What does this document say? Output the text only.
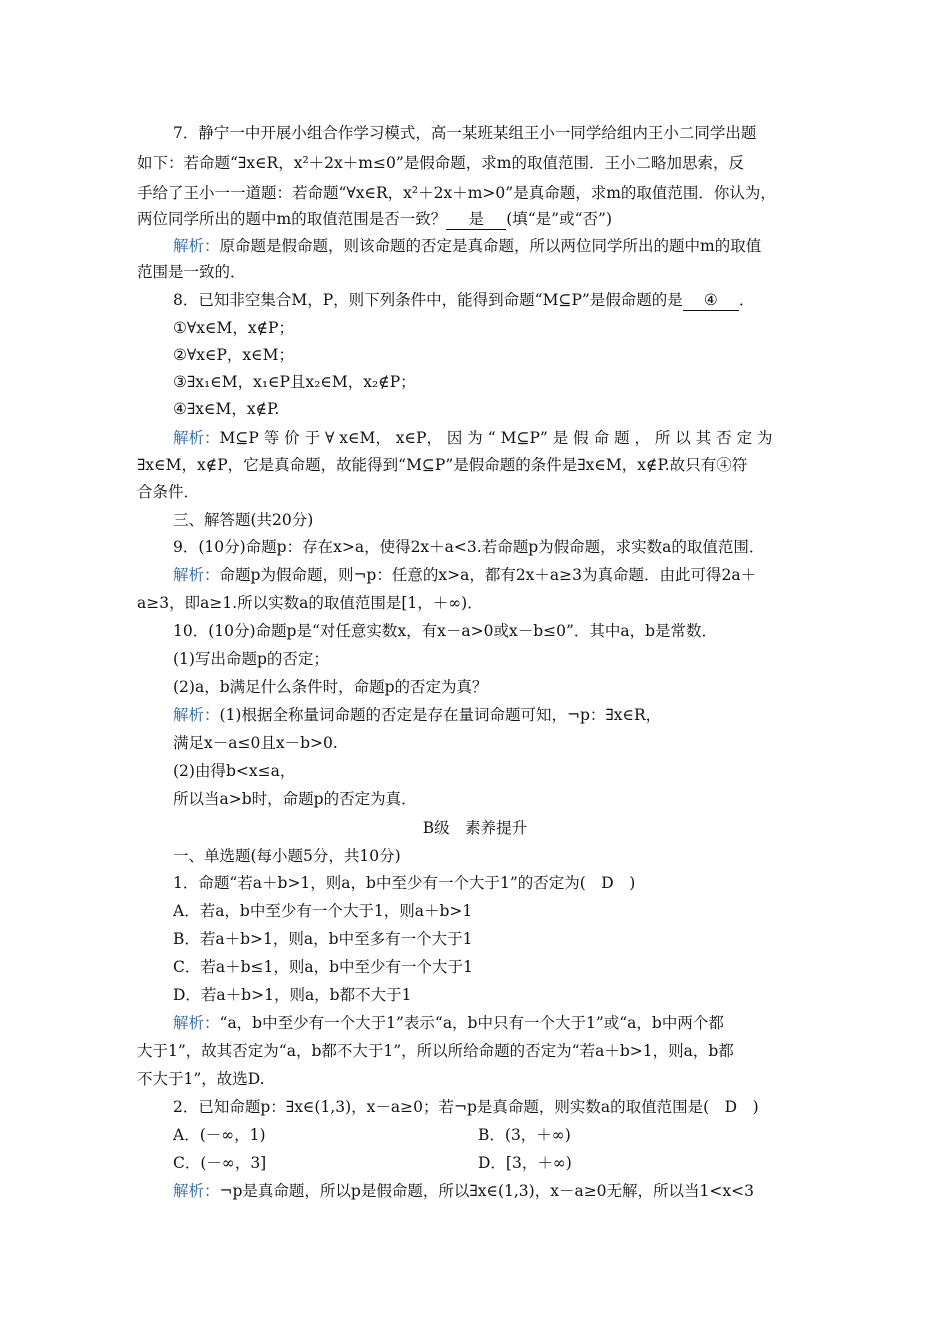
7．静宁一中开展小组合作学习模式，高一某班某组王小一同学给组内王小二同学出题
如下：若命题“∃x∈R，x²＋2x＋m≤0”是假命题，求m的取值范围．王小二略加思索，反
手给了王小一一道题：若命题“∀x∈R，x²＋2x＋m>0”是真命题，求m的取值范围．你认为，
两位同学所出的题中m的取值范围是否一致？ 是 (填“是”或“否”)
解析：原命题是假命题，则该命题的否定是真命题，所以两位同学所出的题中m的取值
范围是一致的．
8．已知非空集合M，P，则下列条件中，能得到命题“M⊆P”是假命题的是 ④ ．
①∀x∈M，x∉P；
②∀x∈P，x∈M；
③∃x₁∈M，x₁∈P且x₂∈M，x₂∉P；
④∃x∈M，x∉P.
解析：M⊆P 等 价 于 ∀ x∈M， x∈P， 因 为 “ M⊆P” 是 假 命 题 ， 所 以 其 否 定 为
∃x∈M，x∉P，它是真命题，故能得到“M⊆P”是假命题的条件是∃x∈M，x∉P.故只有④符
合条件．
三、解答题(共20分)
9．(10分)命题p：存在x>a，使得2x＋a<3.若命题p为假命题，求实数a的取值范围．
解析：命题p为假命题，则¬p：任意的x>a，都有2x＋a≥3为真命题．由此可得2a＋
a≥3，即a≥1.所以实数a的取值范围是[1，＋∞)．
10．(10分)命题p是“对任意实数x，有x－a>0或x－b≤0”．其中a，b是常数．
(1)写出命题p的否定；
(2)a，b满足什么条件时，命题p的否定为真？
解析：(1)根据全称量词命题的否定是存在量词命题可知，¬p：∃x∈R，
满足x－a≤0且x－b>0.
(2)由得b<x≤a，
所以当a>b时，命题p的否定为真．
B级　素养提升
一、单选题(每小题5分，共10分)
1．命题“若a＋b>1，则a，b中至少有一个大于1”的否定为(　D　)
A．若a，b中至少有一个大于1，则a＋b>1
B．若a＋b>1，则a，b中至多有一个大于1
C．若a＋b≤1，则a，b中至少有一个大于1
D．若a＋b>1，则a，b都不大于1
解析：“a，b中至少有一个大于1”表示“a，b中只有一个大于1”或“a，b中两个都
大于1”，故其否定为“a，b都不大于1”，所以所给命题的否定为“若a＋b>1，则a，b都
不大于1”，故选D.
2．已知命题p：∃x∈(1,3)，x－a≥0；若¬p是真命题，则实数a的取值范围是(　D　)
A．(－∞，1)	B．(3，＋∞)
C．(－∞，3]	D．[3，＋∞)
解析：¬p是真命题，所以p是假命题，所以∃x∈(1,3)，x－a≥0无解，所以当1<x<3
